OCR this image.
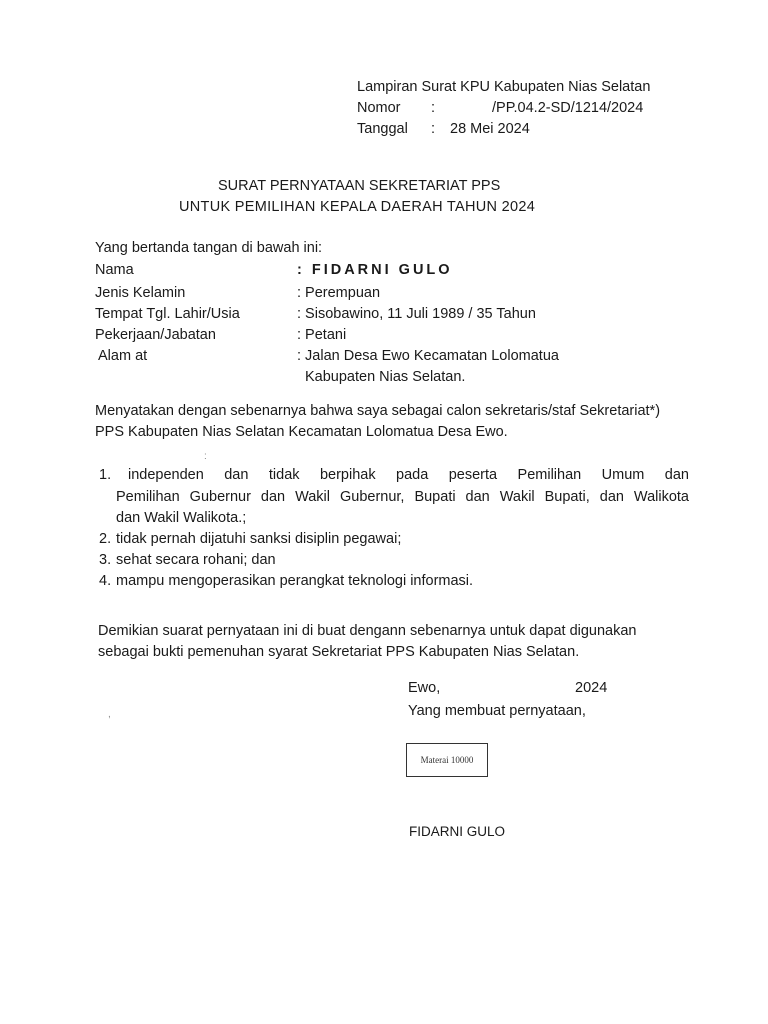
Lampiran Surat KPU Kabupaten Nias Selatan
Nomor :	/PP.04.2-SD/1214/2024
Tanggal : 28 Mei 2024
SURAT PERNYATAAN SEKRETARIAT PPS
UNTUK PEMILIHAN KEPALA DAERAH TAHUN 2024
Yang bertanda tangan di bawah ini:
Nama	: FIDARNI GULO
Jenis Kelamin	: Perempuan
Tempat Tgl. Lahir/Usia	: Sisobawino, 11 Juli 1989 / 35 Tahun
Pekerjaan/Jabatan	: Petani
Alam at	: Jalan Desa Ewo Kecamatan Lolomatua
Kabupaten Nias Selatan.
Menyatakan dengan sebenarnya bahwa saya sebagai calon sekretaris/staf Sekretariat*)
PPS Kabupaten Nias Selatan Kecamatan Lolomatua Desa Ewo.
:
1. independen dan tidak berpihak pada peserta Pemilihan Umum dan
Pemilihan Gubernur dan Wakil Gubernur, Bupati dan Wakil Bupati, dan Walikota
dan Wakil Walikota.;
2. tidak pernah dijatuhi sanksi disiplin pegawai;
3. sehat secara rohani; dan
4. mampu mengoperasikan perangkat teknologi informasi.
Demikian suarat pernyataan ini di buat dengann sebenarnya untuk dapat digunakan
sebagai bukti pemenuhan syarat Sekretariat PPS Kabupaten Nias Selatan.
Ewo,	2024
Yang membuat pernyataan,
,
Materai 10000
FIDARNI GULO
